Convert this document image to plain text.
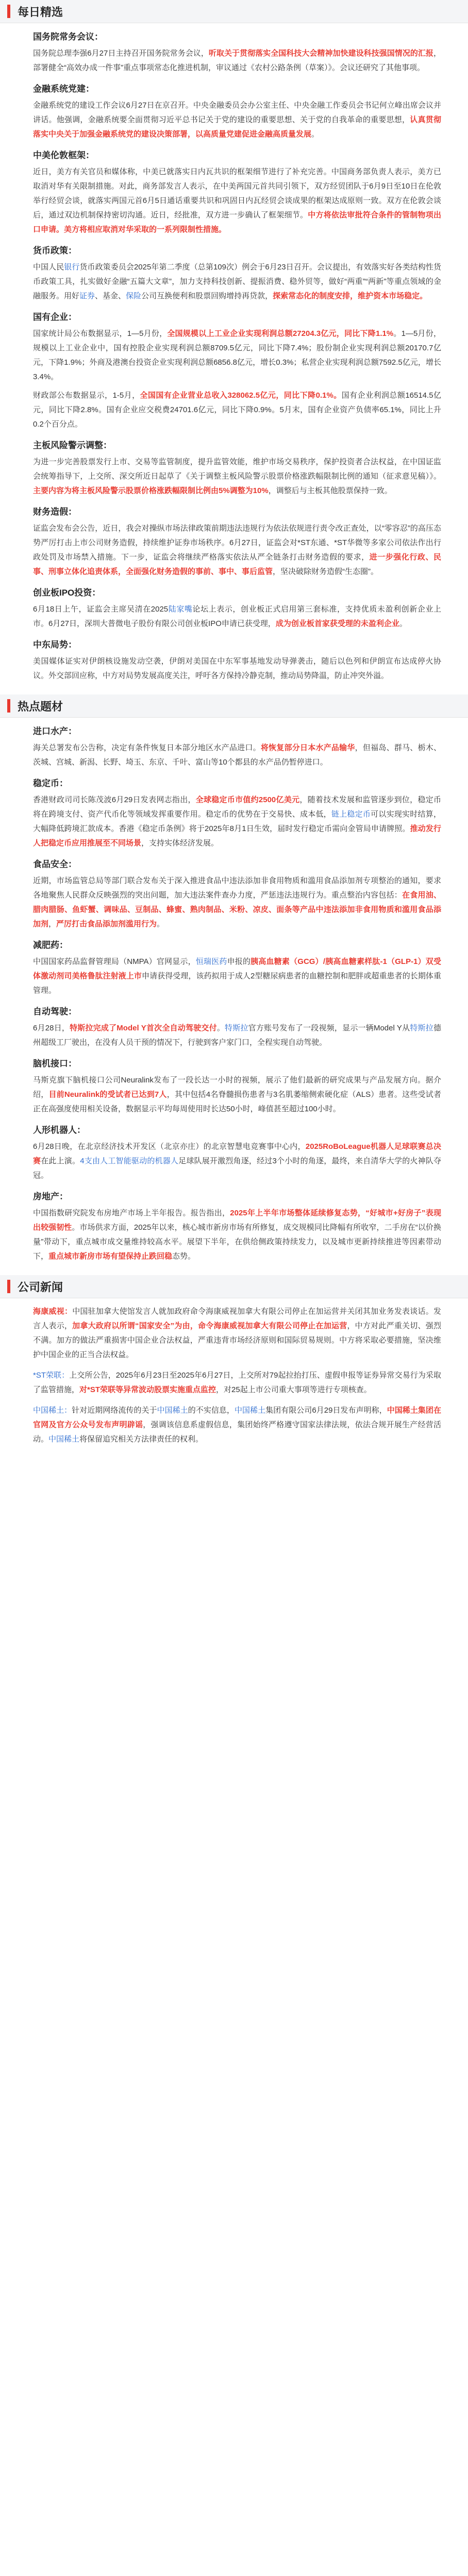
每日精选

国务院常务会议：

国务院总理李强6月27日主持召开国务院常务会议，听取关于贯彻落实全国科技大会精神加快建设科技强国情况的汇报，部署健全“高效办成一件事”重点事项常态化推进机制，审议通过《农村公路条例（草案）》。会议还研究了其他事项。

金融系统党建：

金融系统党的建设工作会议6月27日在京召开。中央金融委员会办公室主任、中央金融工作委员会书记何立峰出席会议并讲话。他强调，金融系统要全面贯彻习近平总书记关于党的建设的重要思想、关于党的自我革命的重要思想，认真贯彻落实中央关于加强金融系统党的建设决策部署，以高质量党建促进金融高质量发展。

中美伦敦框架：

近日，美方有关官员和媒体称，中美已就落实日内瓦共识的框架细节进行了补充完善。中国商务部负责人表示，美方已取消对华有关限制措施。对此，商务部发言人表示，在中美两国元首共同引领下，双方经贸团队于6月9日至10日在伦敦举行经贸会谈，就落实两国元首6月5日通话重要共识和巩固日内瓦经贸会谈成果的框架达成原则一致。双方在伦敦会谈后，通过双边机制保持密切沟通。近日，经批准，双方进一步确认了框架细节。中方将依法审批符合条件的管制物项出口申请。美方将相应取消对华采取的一系列限制性措施。

货币政策：

中国人民银行货币政策委员会2025年第二季度（总第109次）例会于6月23日召开。会议提出，有效落实好各类结构性货币政策工具，扎实做好金融“五篇大文章”，加力支持科技创新、提振消费、稳外贸等，做好“两重”“两新”等重点领域的金融服务。用好证券、基金、保险公司互换便利和股票回购增持再贷款，探索常态化的制度安排，维护资本市场稳定。

国有企业：

国家统计局公布数据显示，1—5月份，全国规模以上工业企业实现利润总额27204.3亿元，同比下降1.1%。1—5月份，规模以上工业企业中，国有控股企业实现利润总额8709.5亿元，同比下降7.4%；股份制企业实现利润总额20170.7亿元，下降1.9%；外商及港澳台投资企业实现利润总额6856.8亿元，增长0.3%；私营企业实现利润总额7592.5亿元，增长3.4%。

财政部公布数据显示，1-5月，全国国有企业营业总收入328062.5亿元，同比下降0.1%。国有企业利润总额16514.5亿元，同比下降2.8%。国有企业应交税费24701.6亿元，同比下降0.9%。5月末，国有企业资产负债率65.1%，同比上升0.2个百分点。

主板风险警示调整：

为进一步完善股票发行上市、交易等监管制度，提升监管效能，维护市场交易秩序，保护投资者合法权益，在中国证监会统筹指导下，上交所、深交所近日起草了《关于调整主板风险警示股票价格涨跌幅限制比例的通知（征求意见稿）》。主要内容为将主板风险警示股票价格涨跌幅限制比例由5%调整为10%，调整后与主板其他股票保持一致。

财务造假：

证监会发布会公告，近日，我会对操纵市场法律政策前期违法违规行为依法依规进行责令改正查处，以“零容忍”的高压态势严厉打击上市公司财务造假，持续维护证券市场秩序。6月27日，证监会对*ST东通、*ST华微等多家公司依法作出行政处罚及市场禁入措施。下一步，证监会将继续严格落实依法从严全链条打击财务造假的要求，进一步强化行政、民事、刑事立体化追责体系，全面强化财务造假的事前、事中、事后监管，坚决破除财务造假“生态圈”。

创业板IPO投资：

6月18日上午，证监会主席吴清在2025陆家嘴论坛上表示，创业板正式启用第三套标准，支持优质未盈利创新企业上市。6月27日，深圳大普微电子股份有限公司创业板IPO申请已获受理，成为创业板首家获受理的未盈利企业。

中东局势：

美国媒体证实对伊朗核设施发动空袭，伊朗对美国在中东军事基地发动导弹袭击，随后以色列和伊朗宣布达成停火协议。外交部回应称，中方对局势发展高度关注，呼吁各方保持冷静克制，推动局势降温，防止冲突外溢。

热点题材

进口水产：

海关总署发布公告称，决定有条件恢复日本部分地区水产品进口。将恢复部分日本水产品输华，但福岛、群马、栃木、茨城、宫城、新潟、长野、埼玉、东京、千叶、富山等10个都县的水产品仍暂停进口。

稳定币：

香港财政司司长陈茂波6月29日发表网志指出，全球稳定币市值约2500亿美元，随着技术发展和监管逐步到位，稳定币将在跨境支付、资产代币化等领域发挥重要作用。稳定币的优势在于交易快、成本低，链上稳定币可以实现实时结算，大幅降低跨境汇款成本。香港《稳定币条例》将于2025年8月1日生效，届时发行稳定币需向金管局申请牌照。推动发行人把稳定币应用推展至不同场景，支持实体经济发展。

食品安全：

近期，市场监管总局等部门联合发布关于深入推进食品中违法添加非食用物质和滥用食品添加剂专项整治的通知，要求各地聚焦人民群众反映强烈的突出问题，加大违法案件查办力度，严惩违法违规行为。重点整治内容包括：在食用油、腊肉腊肠、鱼虾蟹、调味品、豆制品、蜂蜜、熟肉制品、米粉、凉皮、面条等产品中违法添加非食用物质和滥用食品添加剂，严厉打击食品添加剂滥用行为。

减肥药：

中国国家药品监督管理局（NMPA）官网显示，恒瑞医药申报的胰高血糖素（GCG）/胰高血糖素样肽-1（GLP-1）双受体激动剂司美格鲁肽注射液上市申请获得受理，该药拟用于成人2型糖尿病患者的血糖控制和肥胖或超重患者的长期体重管理。

自动驾驶：

6月28日，特斯拉完成了Model Y首次全自动驾驶交付。特斯拉官方账号发布了一段视频，显示一辆Model Y从特斯拉德州超级工厂驶出，在没有人员干预的情况下，行驶到客户家门口，全程实现自动驾驶。

脑机接口：

马斯克旗下脑机接口公司Neuralink发布了一段长达一小时的视频，展示了他们最新的研究成果与产品发展方向。据介绍，目前Neuralink的受试者已达到7人，其中包括4名脊髓损伤患者与3名肌萎缩侧索硬化症（ALS）患者。这些受试者正在高强度使用相关设备，数据显示平均每周使用时长达50小时，峰值甚至超过100小时。

人形机器人：

6月28日晚，在北京经济技术开发区（北京亦庄）的北京智慧电竞赛事中心内，2025RoBoLeague机器人足球联赛总决赛在此上演。4支由人工智能驱动的机器人足球队展开激烈角逐，经过3个小时的角逐，最终，来自清华大学的火神队夺冠。

房地产：

中国指数研究院发布房地产市场上半年报告。报告指出，2025年上半年市场整体延续修复态势，“好城市+好房子”表现出较强韧性。市场供求方面，2025年以来，核心城市新房市场有所修复，成交规模同比降幅有所收窄，二手房在“以价换量”带动下，重点城市成交量维持较高水平。展望下半年，在供给侧政策持续发力，以及城市更新持续推进等因素带动下，重点城市新房市场有望保持止跌回稳态势。

公司新闻

海康威视：中国驻加拿大使馆发言人就加政府命令海康威视加拿大有限公司停止在加运营并关闭其加业务发表谈话。发言人表示，加拿大政府以所谓“国家安全”为由，命令海康威视加拿大有限公司停止在加运营，中方对此严重关切、强烈不满。加方的做法严重损害中国企业合法权益，严重违背市场经济原则和国际贸易规则。中方将采取必要措施，坚决维护中国企业的正当合法权益。

*ST荣联：上交所公告，2025年6月23日至2025年6月27日，上交所对79起拉抬打压、虚假申报等证券异常交易行为采取了监管措施，对*ST荣联等异常波动股票实施重点监控，对25起上市公司重大事项等进行专项核查。

中国稀土：针对近期网络流传的关于中国稀土的不实信息，中国稀土集团有限公司6月29日发布声明称，中国稀土集团在官网及官方公众号发布声明辟谣，强调该信息系虚假信息，集团始终严格遵守国家法律法规，依法合规开展生产经营活动。中国稀土将保留追究相关方法律责任的权利。
